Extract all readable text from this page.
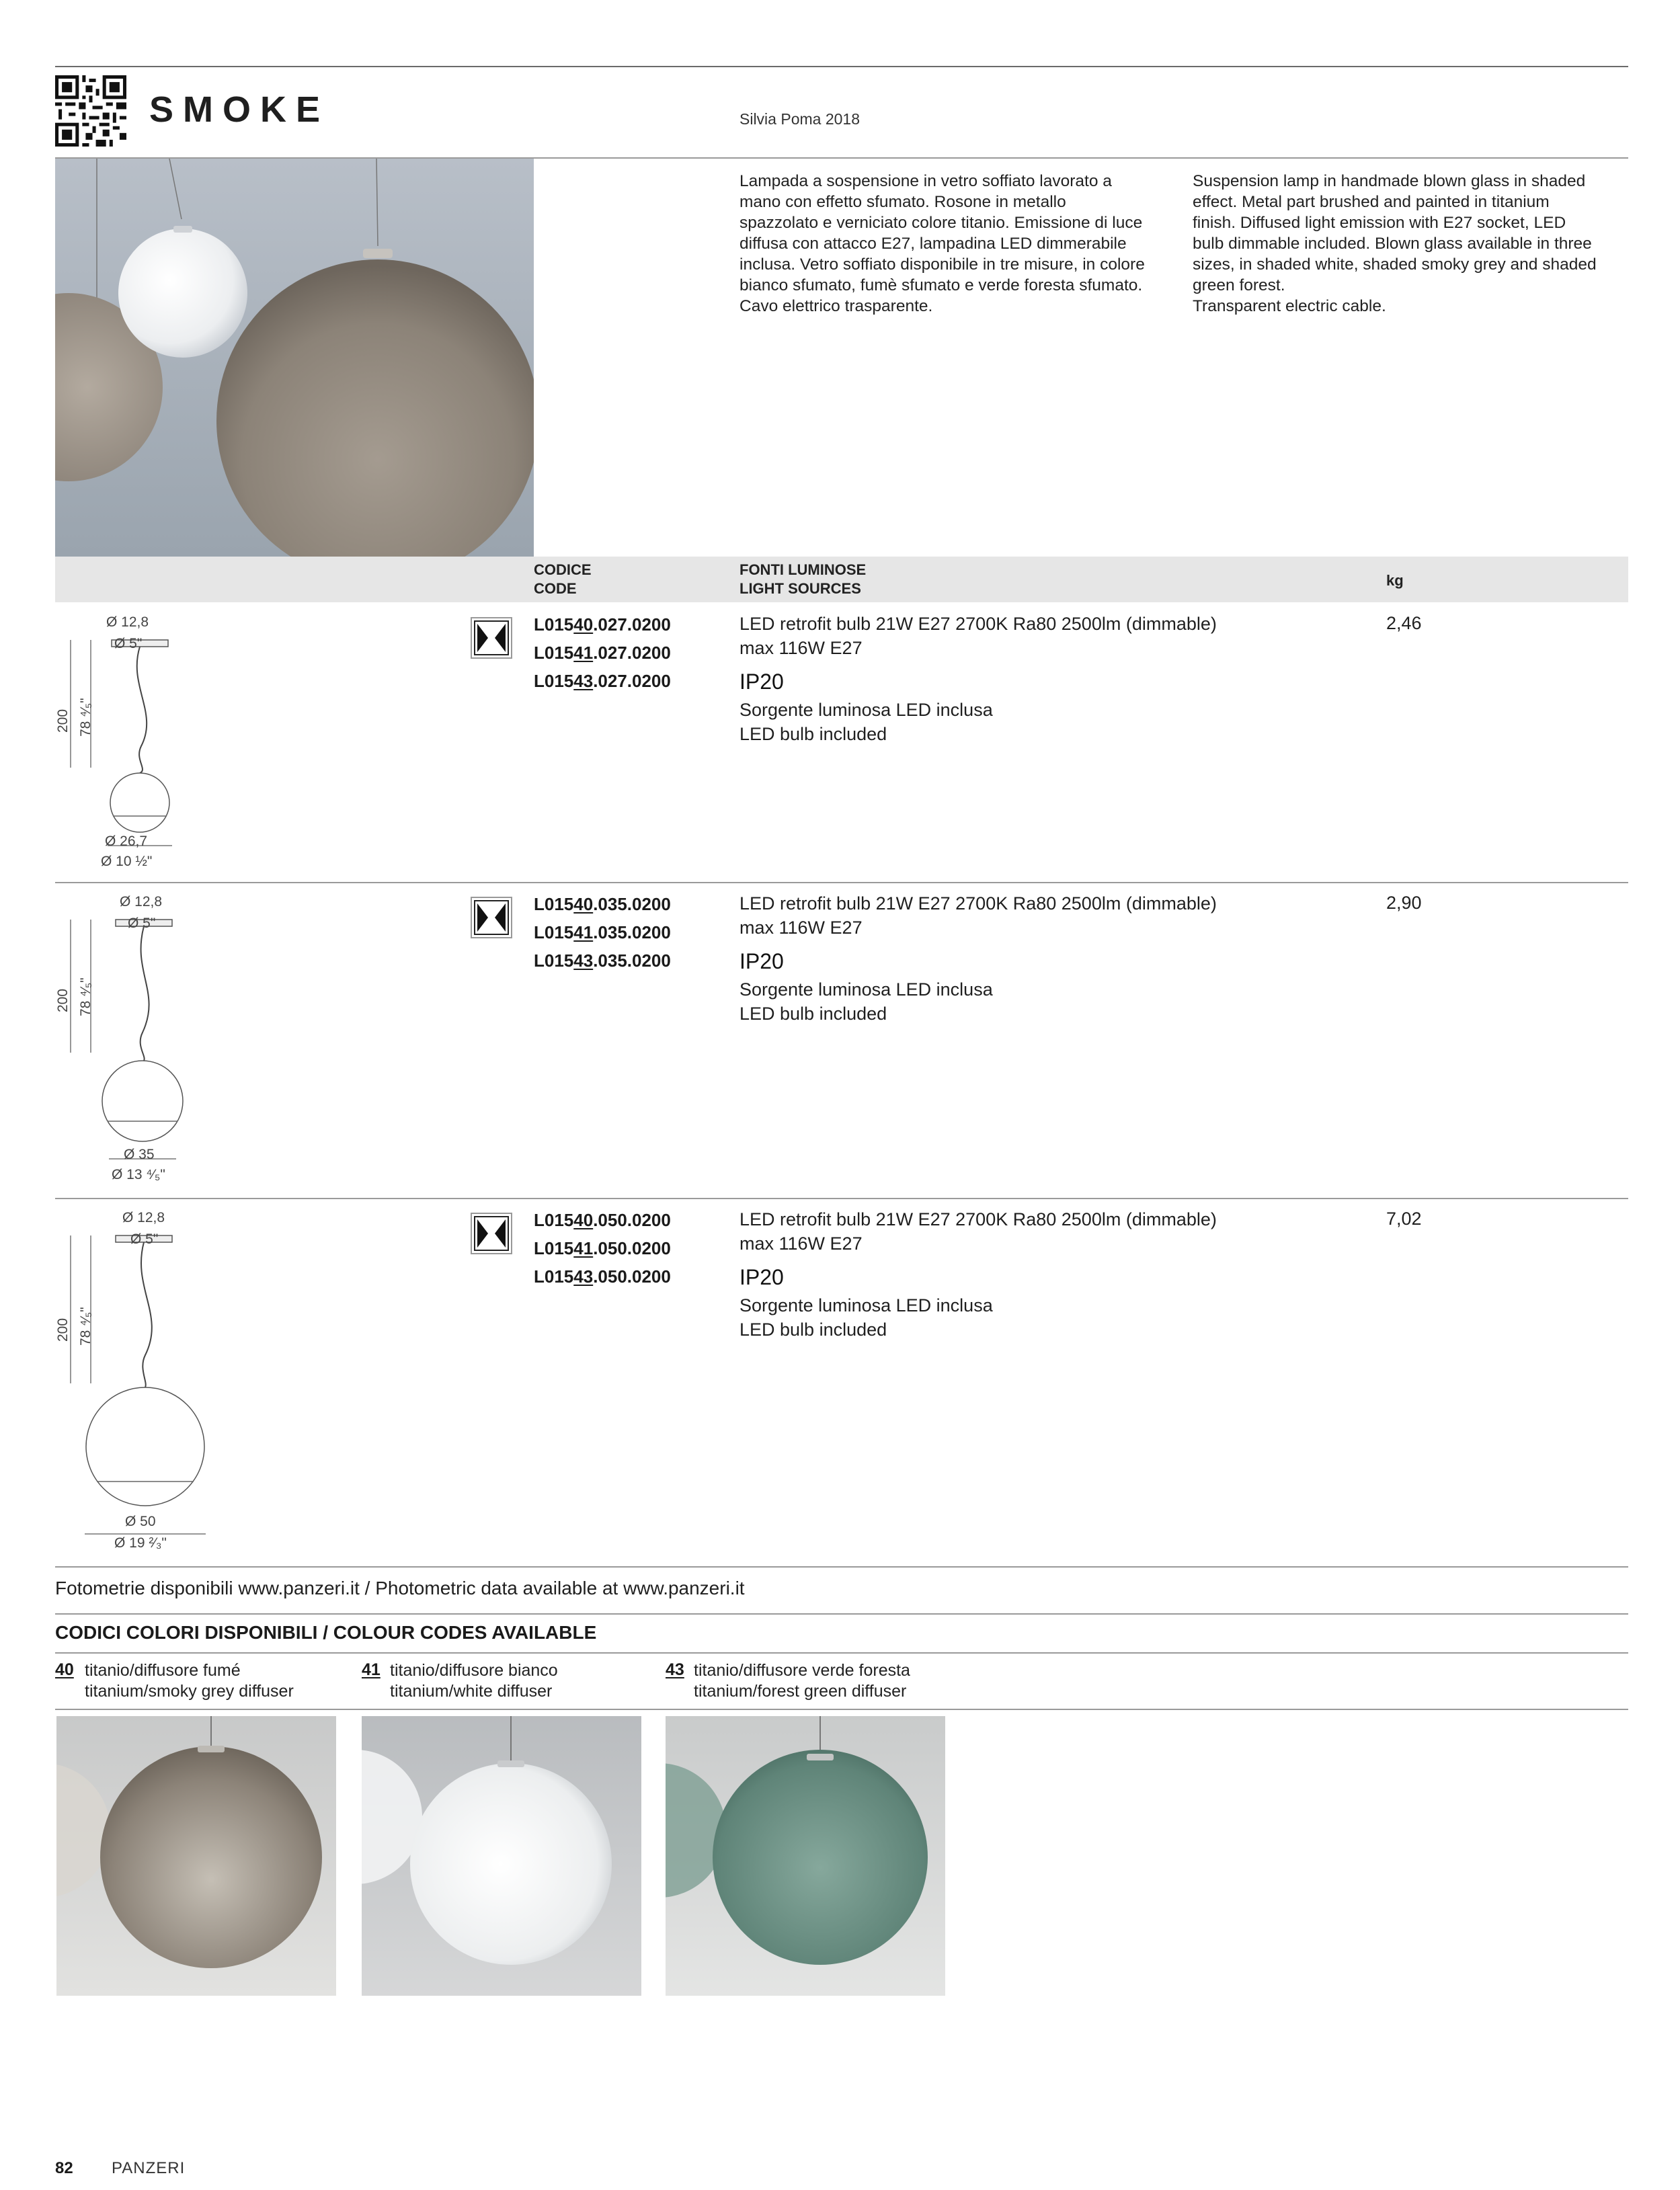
SMOKE	Silvia Poma 2018
Lampada a sospensione in vetro soffiato lavorato a
mano con effetto sfumato. Rosone in metallo
spazzolato e verniciato colore titanio. Emissione di luce
diffusa con attacco E27, lampadina LED dimmerabile
inclusa. Vetro soffiato disponibile in tre misure, in colore
bianco sfumato, fumè sfumato e verde foresta sfumato.
Cavo elettrico trasparente.
Suspension lamp in handmade blown glass in shaded
effect. Metal part brushed and painted in titanium
finish. Diffused light emission with E27 socket, LED
bulb dimmable included. Blown glass available in three
sizes, in shaded white, shaded smoky grey and shaded
green forest.
Transparent electric cable.
CODICE
CODE
FONTI LUMINOSE
LIGHT SOURCES	kg
Ø 12,8
Ø 5"
200 78 ⁴⁄₅"
Ø 26,7
Ø 10 ½"
L01540.027.0200
L01541.027.0200
L01543.027.0200
LED retrofit bulb 21W E27 2700K Ra80 2500lm (dimmable)
max 116W E27
IP20
Sorgente luminosa LED inclusa
LED bulb included
2,46
Ø 12,8
Ø 5"
200 78 ⁴⁄₅"
Ø 35
Ø 13 ⁴⁄₅"
L01540.035.0200
L01541.035.0200
L01543.035.0200
LED retrofit bulb 21W E27 2700K Ra80 2500lm (dimmable)
max 116W E27
IP20
Sorgente luminosa LED inclusa
LED bulb included
2,90
Ø 12,8
Ø 5"
200 78 ⁴⁄₅"
Ø 50
Ø 19 ²⁄₃"
L01540.050.0200
L01541.050.0200
L01543.050.0200
LED retrofit bulb 21W E27 2700K Ra80 2500lm (dimmable)
max 116W E27
IP20
Sorgente luminosa LED inclusa
LED bulb included
7,02
Fotometrie disponibili www.panzeri.it / Photometric data available at www.panzeri.it
CODICI COLORI DISPONIBILI / COLOUR CODES AVAILABLE
40 titanio/diffusore fumé
titanium/smoky grey diffuser
41 titanio/diffusore bianco
titanium/white diffuser
43 titanio/diffusore verde foresta
titanium/forest green diffuser
82 PANZERI
